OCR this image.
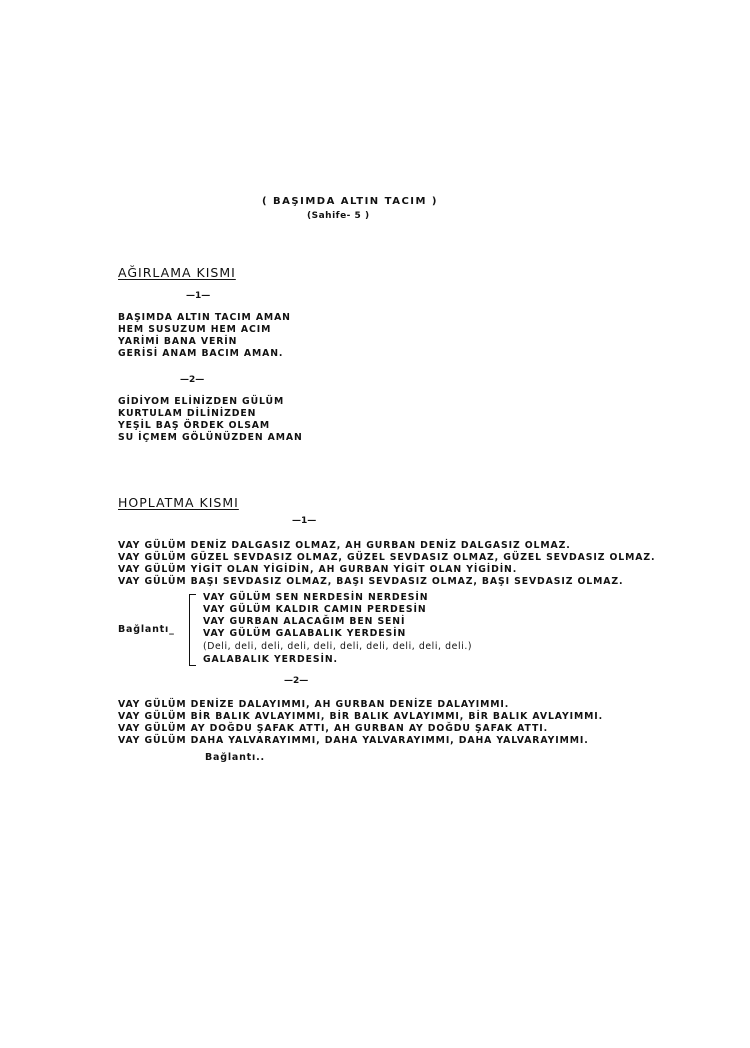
( BAŞIMDA ALTIN TACIM )
(Sahife- 5 )
AĞIRLAMA KISMI
—1—
BAŞIMDA ALTIN TACIM AMAN
HEM SUSUZUM HEM ACIM
YARİMİ BANA VERİN
GERİSİ ANAM BACIM AMAN.
—2—
GİDİYOM ELİNİZDEN GÜLÜM
KURTULAM DİLİNİZDEN
YEŞİL BAŞ ÖRDEK OLSAM
SU İÇMEM GÖLÜNÜZDEN AMAN
HOPLATMA KISMI
—1—
VAY GÜLÜM DENİZ DALGASIZ OLMAZ, AH GURBAN DENİZ DALGASIZ OLMAZ.
VAY GÜLÜM GÜZEL SEVDASIZ OLMAZ, GÜZEL SEVDASIZ OLMAZ, GÜZEL SEVDASIZ OLMAZ.
VAY GÜLÜM YİGİT OLAN YİGİDİN, AH GURBAN YİGİT OLAN YİGİDİN.
VAY GÜLÜM BAŞI SEVDASIZ OLMAZ, BAŞI SEVDASIZ OLMAZ, BAŞI SEVDASIZ OLMAZ.
Bağlantı_
VAY GÜLÜM SEN NERDESİN NERDESİN
VAY GÜLÜM KALDIR CAMIN PERDESİN
VAY GURBAN ALACAĞIM BEN SENİ
VAY GÜLÜM GALABALIK YERDESİN
(Deli, deli, deli, deli, deli, deli, deli, deli, deli, deli.)
GALABALIK YERDESİN.
—2—
VAY GÜLÜM DENİZE DALAYIMMI, AH GURBAN DENİZE DALAYIMMI.
VAY GÜLÜM BİR BALIK AVLAYIMMI, BİR BALIK AVLAYIMMI, BİR BALIK AVLAYIMMI.
VAY GÜLÜM AY DOĞDU ŞAFAK ATTI, AH GURBAN AY DOĞDU ŞAFAK ATTI.
VAY GÜLÜM DAHA YALVARAYIMMI, DAHA YALVARAYIMMI, DAHA YALVARAYIMMI.
Bağlantı..
